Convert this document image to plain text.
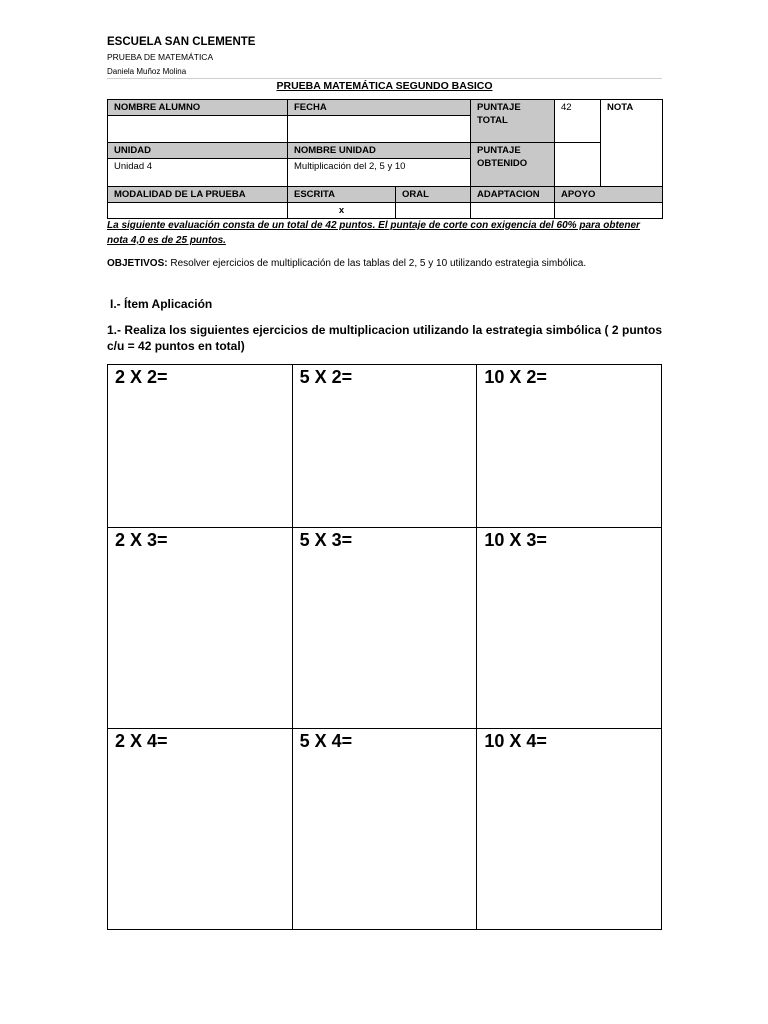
ESCUELA SAN CLEMENTE
PRUEBA DE MATEMÁTICA
Daniela Muñoz Molina
PRUEBA MATEMÁTICA SEGUNDO BASICO
NOMBRE ALUMNO	FECHA		PUNTAJE TOTAL	42	NOTA

UNIDAD	NOMBRE UNIDAD		PUNTAJE OBTENIDO		
Unidad 4	Multiplicación del 2, 5 y 10				
MODALIDAD DE LA PRUEBA	ESCRITA	ORAL	ADAPTACION	APOYO	
	x				
La siguiente evaluación consta de un total de 42 puntos. El puntaje de corte con exigencia del 60% para obtener nota 4,0 es de 25 puntos.
OBJETIVOS: Resolver ejercicios de multiplicación de las tablas del 2, 5 y 10 utilizando estrategia simbólica.
I.- Ítem Aplicación
1.- Realiza los siguientes ejercicios de multiplicacion utilizando la estrategia simbólica ( 2 puntos c/u = 42 puntos en total)
2 X 2=	5 X 2=	10 X 2=

2 X 3=	5 X 3=	10 X 3=

2 X 4=	5 X 4=	10 X 4=
